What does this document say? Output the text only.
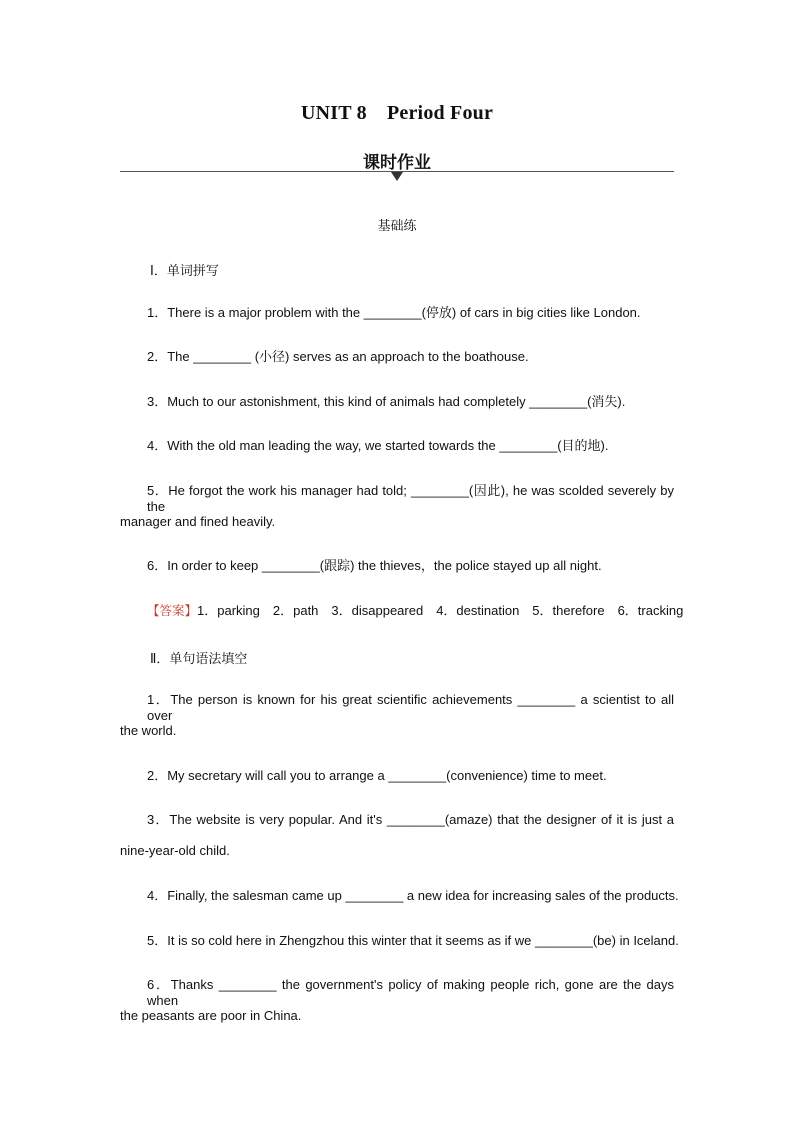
UNIT 8　Period Four
课时作业
基础练
Ⅰ．单词拼写
1．There is a major problem with the ________(停放) of cars in big cities like London.
2．The ________ (小径) serves as an approach to the boathouse.
3．Much to our astonishment, this kind of animals had completely ________(消失).
4．With the old man leading the way, we started towards the ________(目的地).
5．He forgot the work his manager had told; ________(因此), he was scolded severely by the
manager and fined heavily.
6．In order to keep ________(跟踪) the thieves，the police stayed up all night.
【答案】1．parking　2．path　3．disappeared　4．destination　5．therefore　6．tracking
Ⅱ．单句语法填空
1．The person is known for his great scientific achievements ________ a scientist to all over
the world.
2．My secretary will call you to arrange a ________(convenience) time to meet.
3．The website is very popular. And it's ________(amaze) that the designer of it is just a
nine-year-old child.
4．Finally, the salesman came up ________ a new idea for increasing sales of the products.
5．It is so cold here in Zhengzhou this winter that it seems as if we ________(be) in Iceland.
6．Thanks ________ the government's policy of making people rich, gone are the days when
the peasants are poor in China.
